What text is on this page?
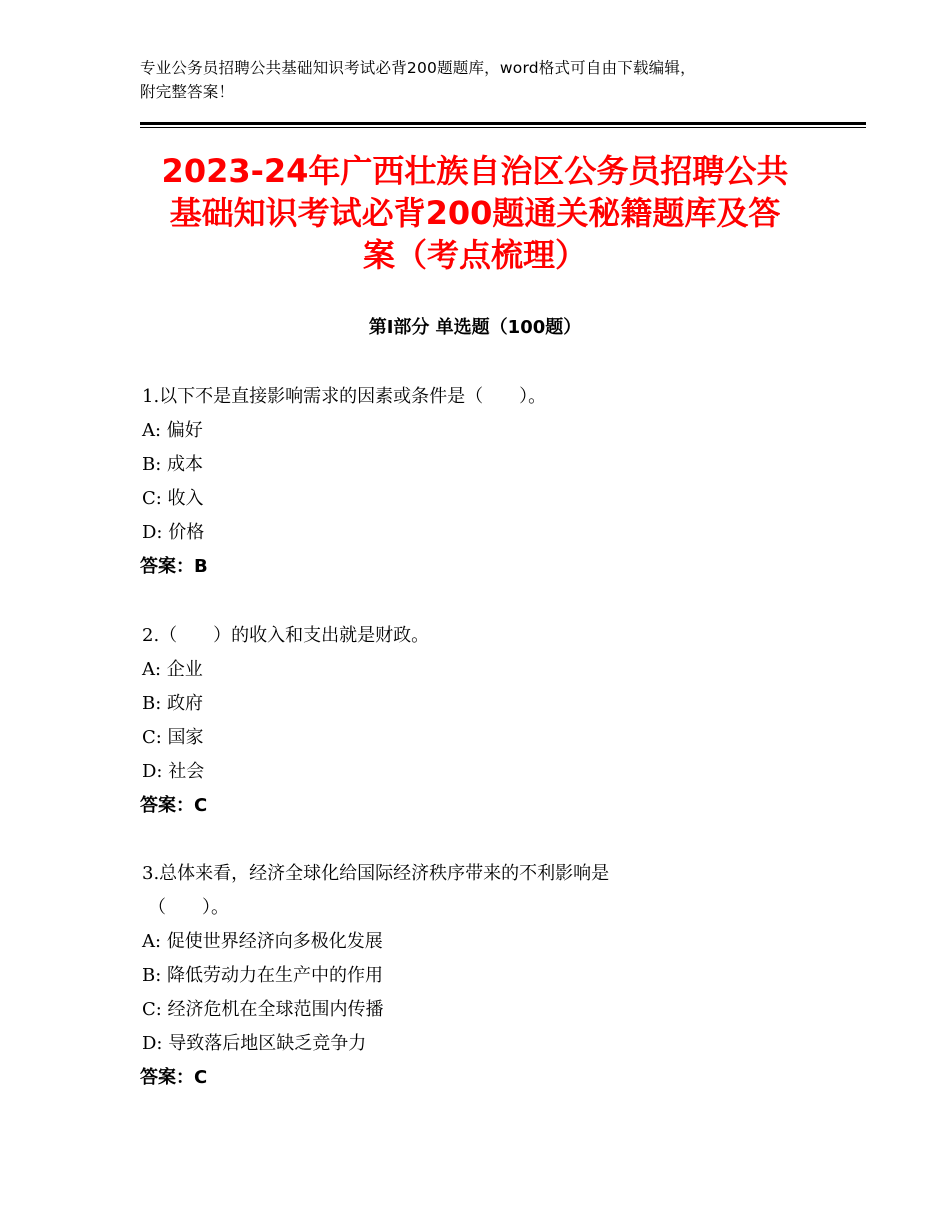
专业公务员招聘公共基础知识考试必背200题题库，word格式可自由下载编辑，
附完整答案！
2023-24年广西壮族自治区公务员招聘公共
基础知识考试必背200题通关秘籍题库及答
案（考点梳理）
第Ⅰ部分 单选题（100题）
1.以下不是直接影响需求的因素或条件是（　　）。
A: 偏好
B: 成本
C: 收入
D: 价格
答案：B
2.（　　）的收入和支出就是财政。
A: 企业
B: 政府
C: 国家
D: 社会
答案：C
3.总体来看，经济全球化给国际经济秩序带来的不利影响是
（　　）。
A: 促使世界经济向多极化发展
B: 降低劳动力在生产中的作用
C: 经济危机在全球范围内传播
D: 导致落后地区缺乏竞争力
答案：C
